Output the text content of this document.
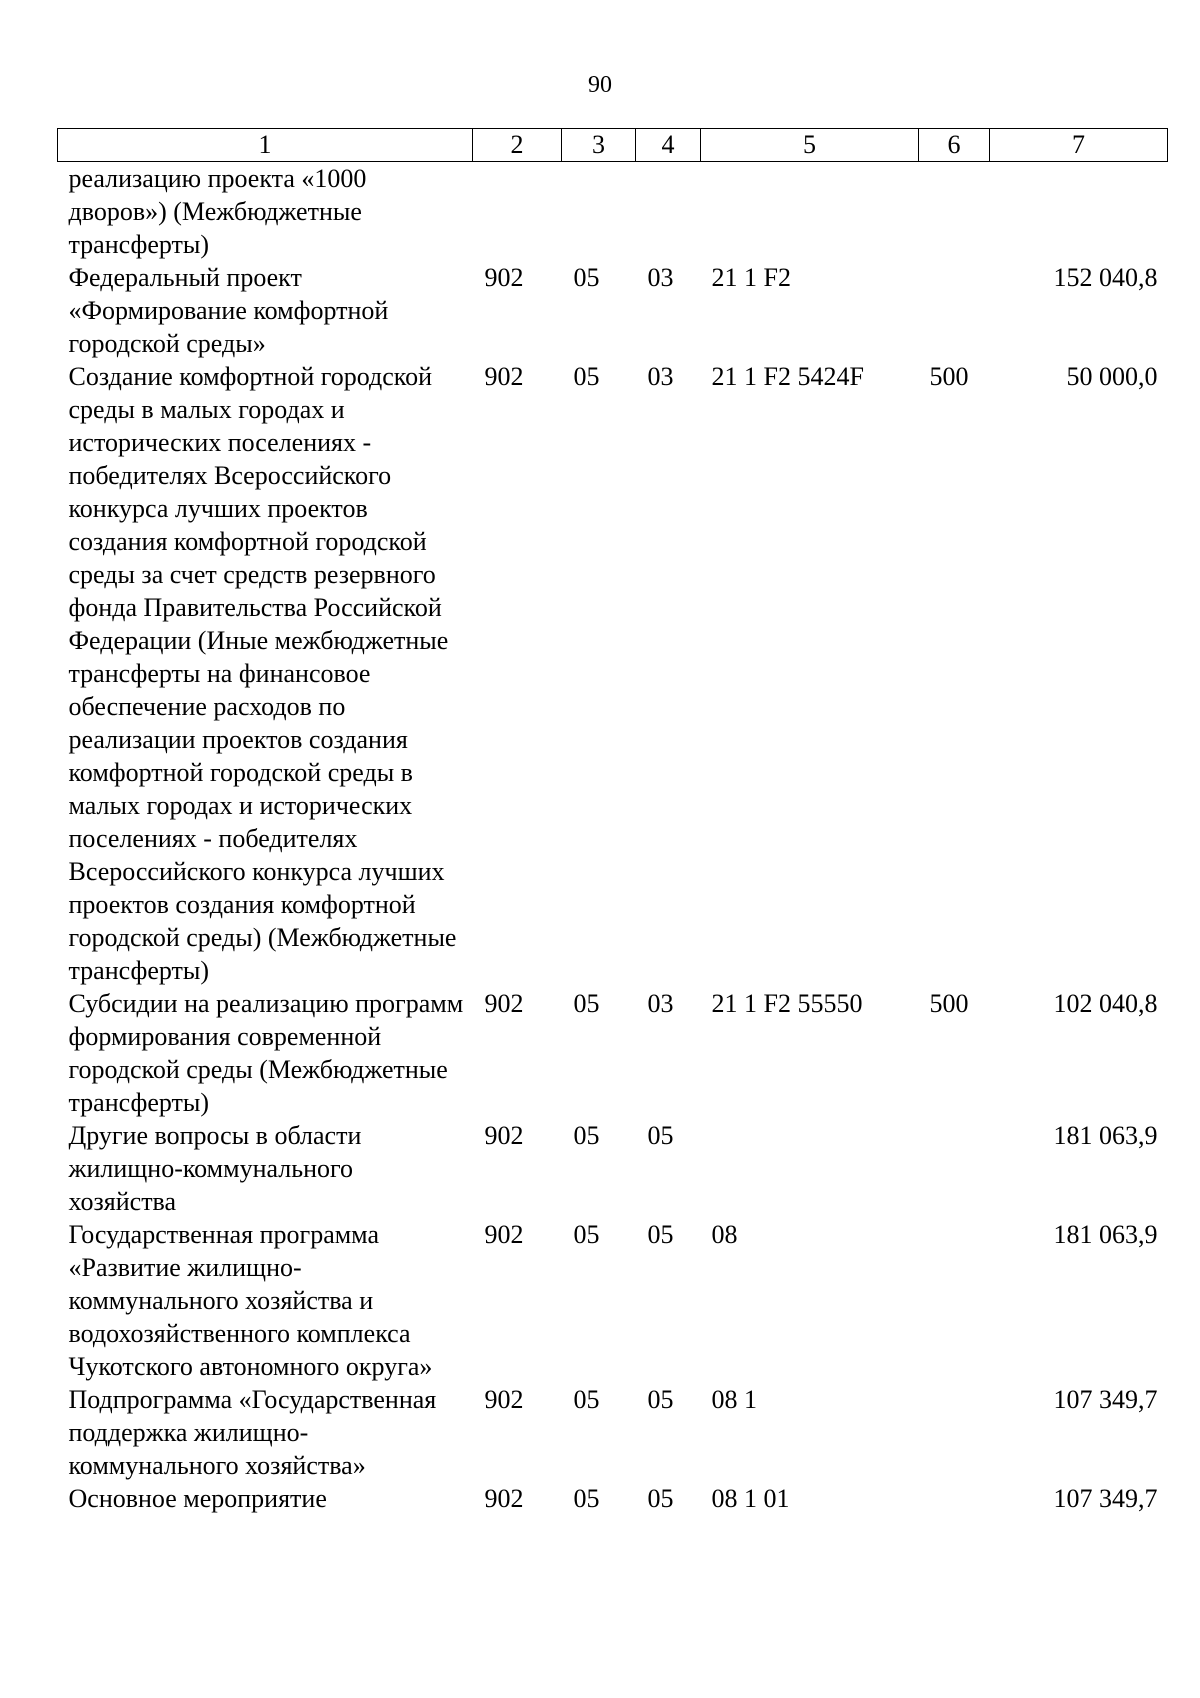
90
1	2	3	4	5	6	7
реализацию проекта «1000 дворов») (Межбюджетные трансферты)						
Федеральный проект «Формирование комфортной городской среды»	902	05	03	21 1 F2		152 040,8
Создание комфортной городской среды в малых городах и исторических поселениях - победителях Всероссийского конкурса лучших проектов создания комфортной городской среды за счет средств резервного фонда Правительства Российской Федерации (Иные межбюджетные трансферты на финансовое обеспечение расходов по реализации проектов создания комфортной городской среды в малых городах и исторических поселениях - победителях Всероссийского конкурса лучших проектов создания комфортной городской среды) (Межбюджетные трансферты)	902	05	03	21 1 F2 5424F	500	50 000,0
Субсидии на реализацию программ формирования современной городской среды (Межбюджетные трансферты)	902	05	03	21 1 F2 55550	500	102 040,8
Другие вопросы в области жилищно-коммунального хозяйства	902	05	05			181 063,9
Государственная программа «Развитие жилищно-коммунального хозяйства и водохозяйственного комплекса Чукотского автономного округа»	902	05	05	08		181 063,9
Подпрограмма «Государственная поддержка жилищно-коммунального хозяйства»	902	05	05	08 1		107 349,7
Основное мероприятие	902	05	05	08 1 01		107 349,7
